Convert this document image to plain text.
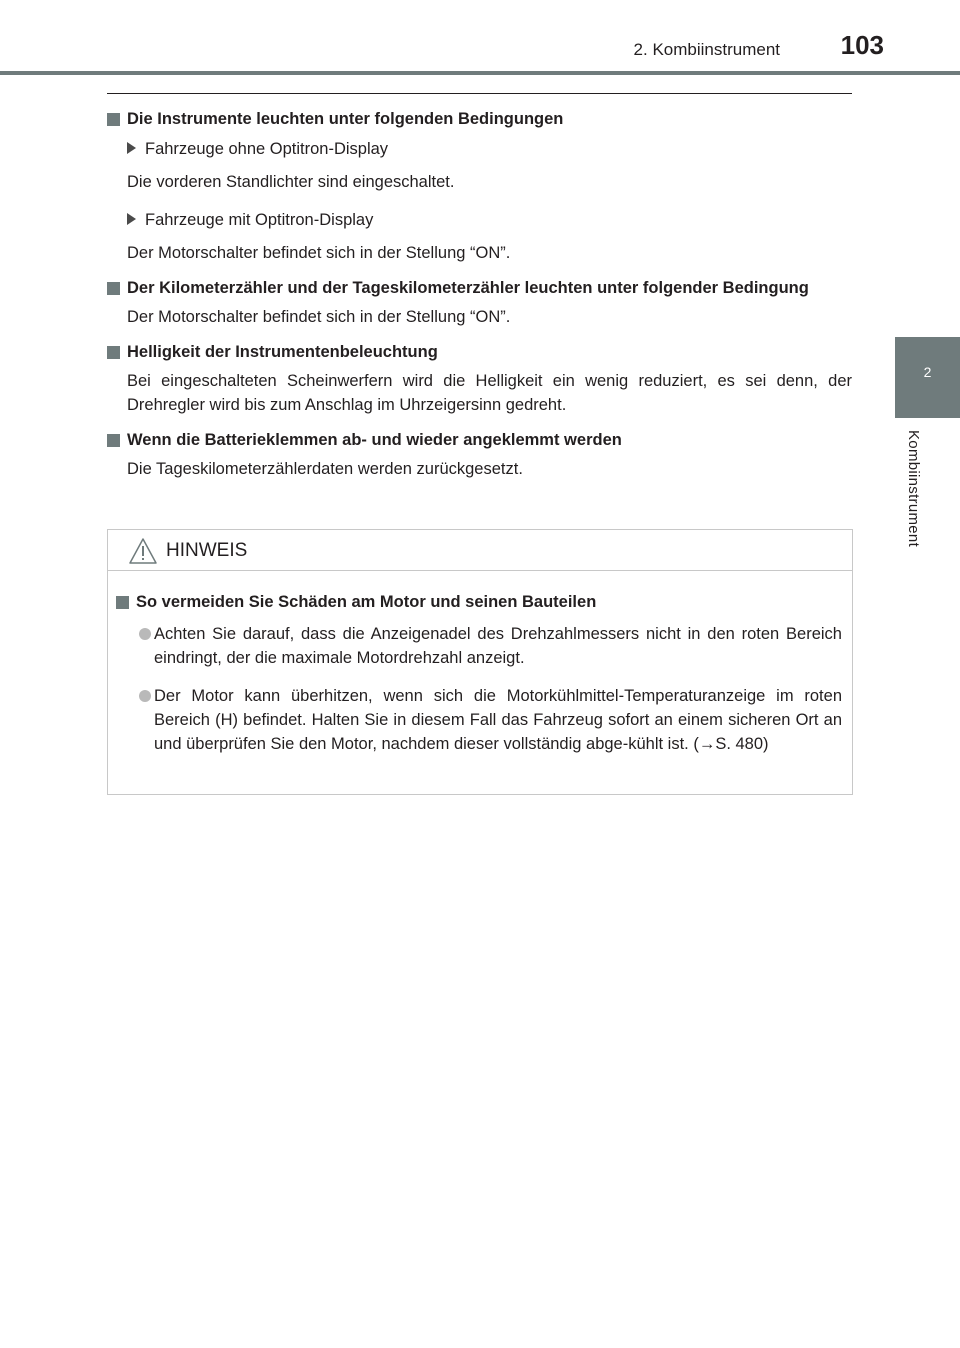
2. Kombiinstrument 103
2
Kombiinstrument
Die Instrumente leuchten unter folgenden Bedingungen
Fahrzeuge ohne Optitron-Display
Die vorderen Standlichter sind eingeschaltet.
Fahrzeuge mit Optitron-Display
Der Motorschalter befindet sich in der Stellung “ON”.
Der Kilometerzähler und der Tageskilometerzähler leuchten unter folgender Bedingung
Der Motorschalter befindet sich in der Stellung “ON”.
Helligkeit der Instrumentenbeleuchtung
Bei eingeschalteten Scheinwerfern wird die Helligkeit ein wenig reduziert, es sei denn, der Drehregler wird bis zum Anschlag im Uhrzeigersinn gedreht.
Wenn die Batterieklemmen ab- und wieder angeklemmt werden
Die Tageskilometerzählerdaten werden zurückgesetzt.
HINWEIS
So vermeiden Sie Schäden am Motor und seinen Bauteilen
Achten Sie darauf, dass die Anzeigenadel des Drehzahlmessers nicht in den roten Bereich eindringt, der die maximale Motordrehzahl anzeigt.
Der Motor kann überhitzen, wenn sich die Motorkühlmittel-Temperaturanzeige im roten Bereich (H) befindet. Halten Sie in diesem Fall das Fahrzeug sofort an einem sicheren Ort an und überprüfen Sie den Motor, nachdem dieser vollständig abge-kühlt ist. (→S. 480)
